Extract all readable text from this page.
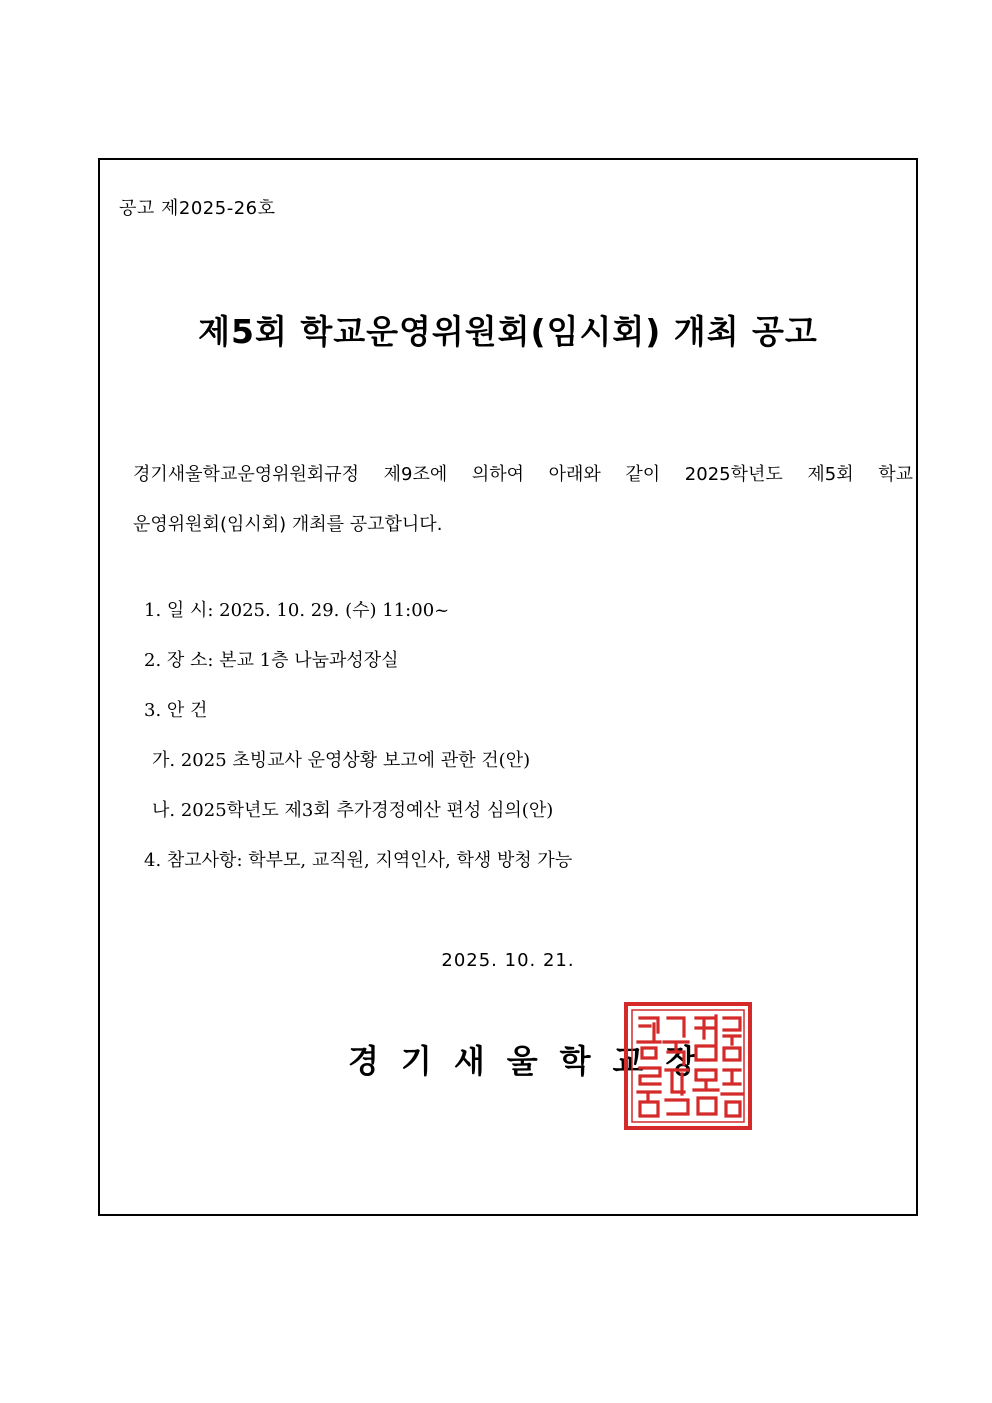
공고 제2025-26호
제5회 학교운영위원회(임시회) 개최 공고
경기새울학교운영위원회규정 제9조에 의하여 아래와 같이 2025학년도 제5회 학교
운영위원회(임시회) 개최를 공고합니다.
1. 일 시: 2025. 10. 29. (수) 11:00~
2. 장 소: 본교 1층 나눔과성장실
3. 안 건
가. 2025 초빙교사 운영상황 보고에 관한 건(안)
나. 2025학년도 제3회 추가경정예산 편성 심의(안)
4. 참고사항: 학부모, 교직원, 지역인사, 학생 방청 가능
2025. 10. 21.
경기새울학교장
